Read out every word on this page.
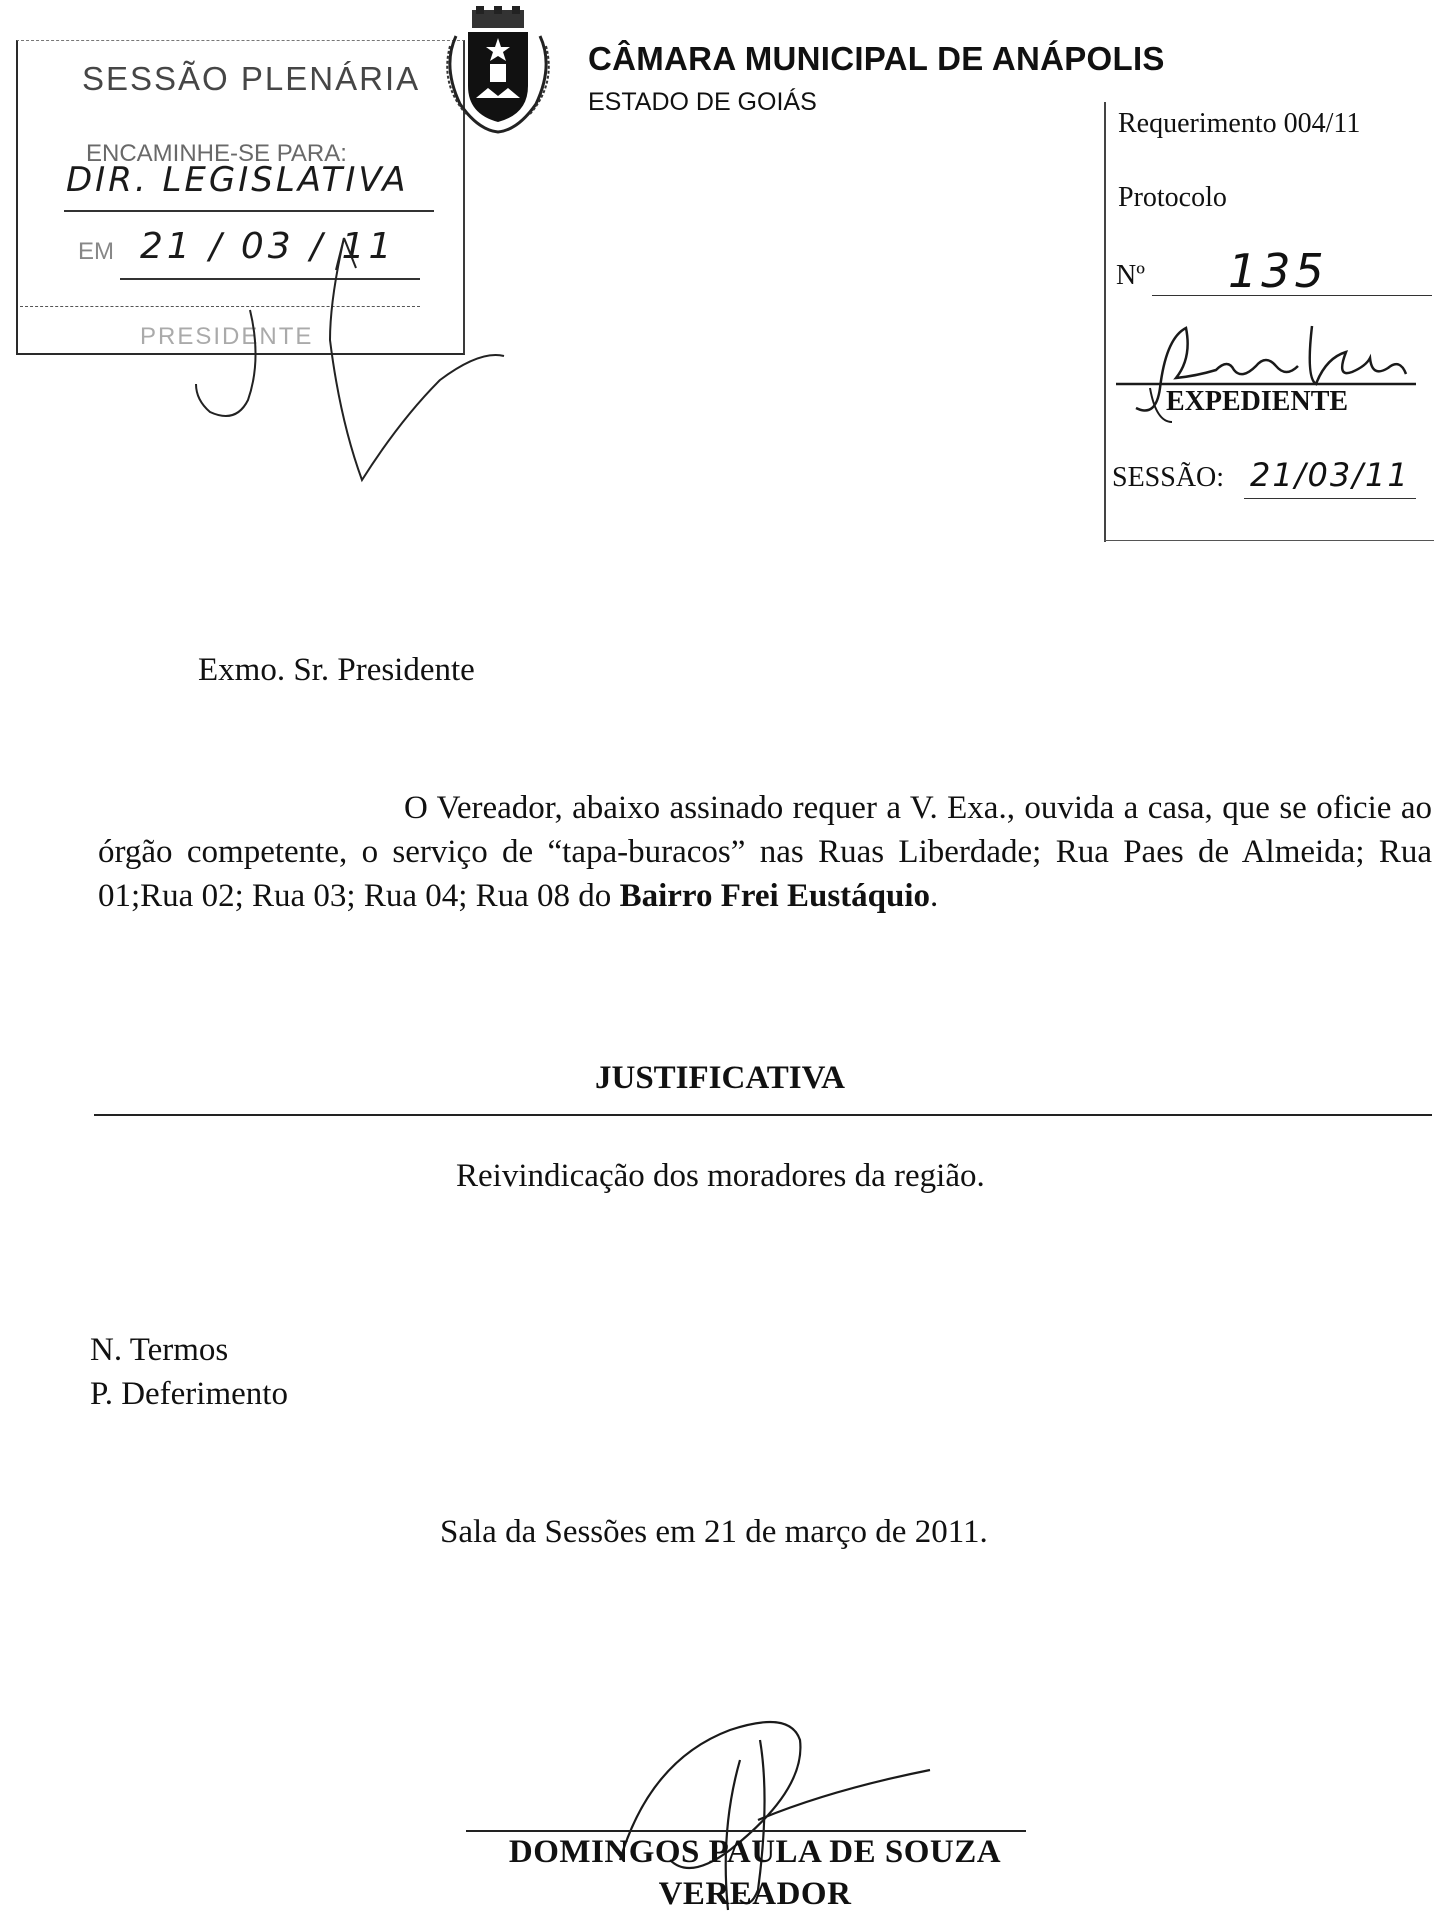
SESSÃO PLENÁRIA
ENCAMINHE-SE PARA:
DIR. LEGISLATIVA
EM 21 / 03 / 11
PRESIDENTE
CÂMARA MUNICIPAL DE ANÁPOLIS
ESTADO DE GOIÁS
Requerimento 004/11
Protocolo
Nº 135
EXPEDIENTE
SESSÃO: 21/03/11
Exmo. Sr. Presidente
O Vereador, abaixo assinado requer a V. Exa., ouvida a casa, que se oficie ao órgão competente, o serviço de “tapa-buracos” nas Ruas Liberdade; Rua Paes de Almeida; Rua 01;Rua 02; Rua 03; Rua 04; Rua 08 do Bairro Frei Eustáquio.
JUSTIFICATIVA
Reivindicação dos moradores da região.
N. Termos
P. Deferimento
Sala da Sessões em 21 de março de 2011.
DOMINGOS PAULA DE SOUZA
VEREADOR
